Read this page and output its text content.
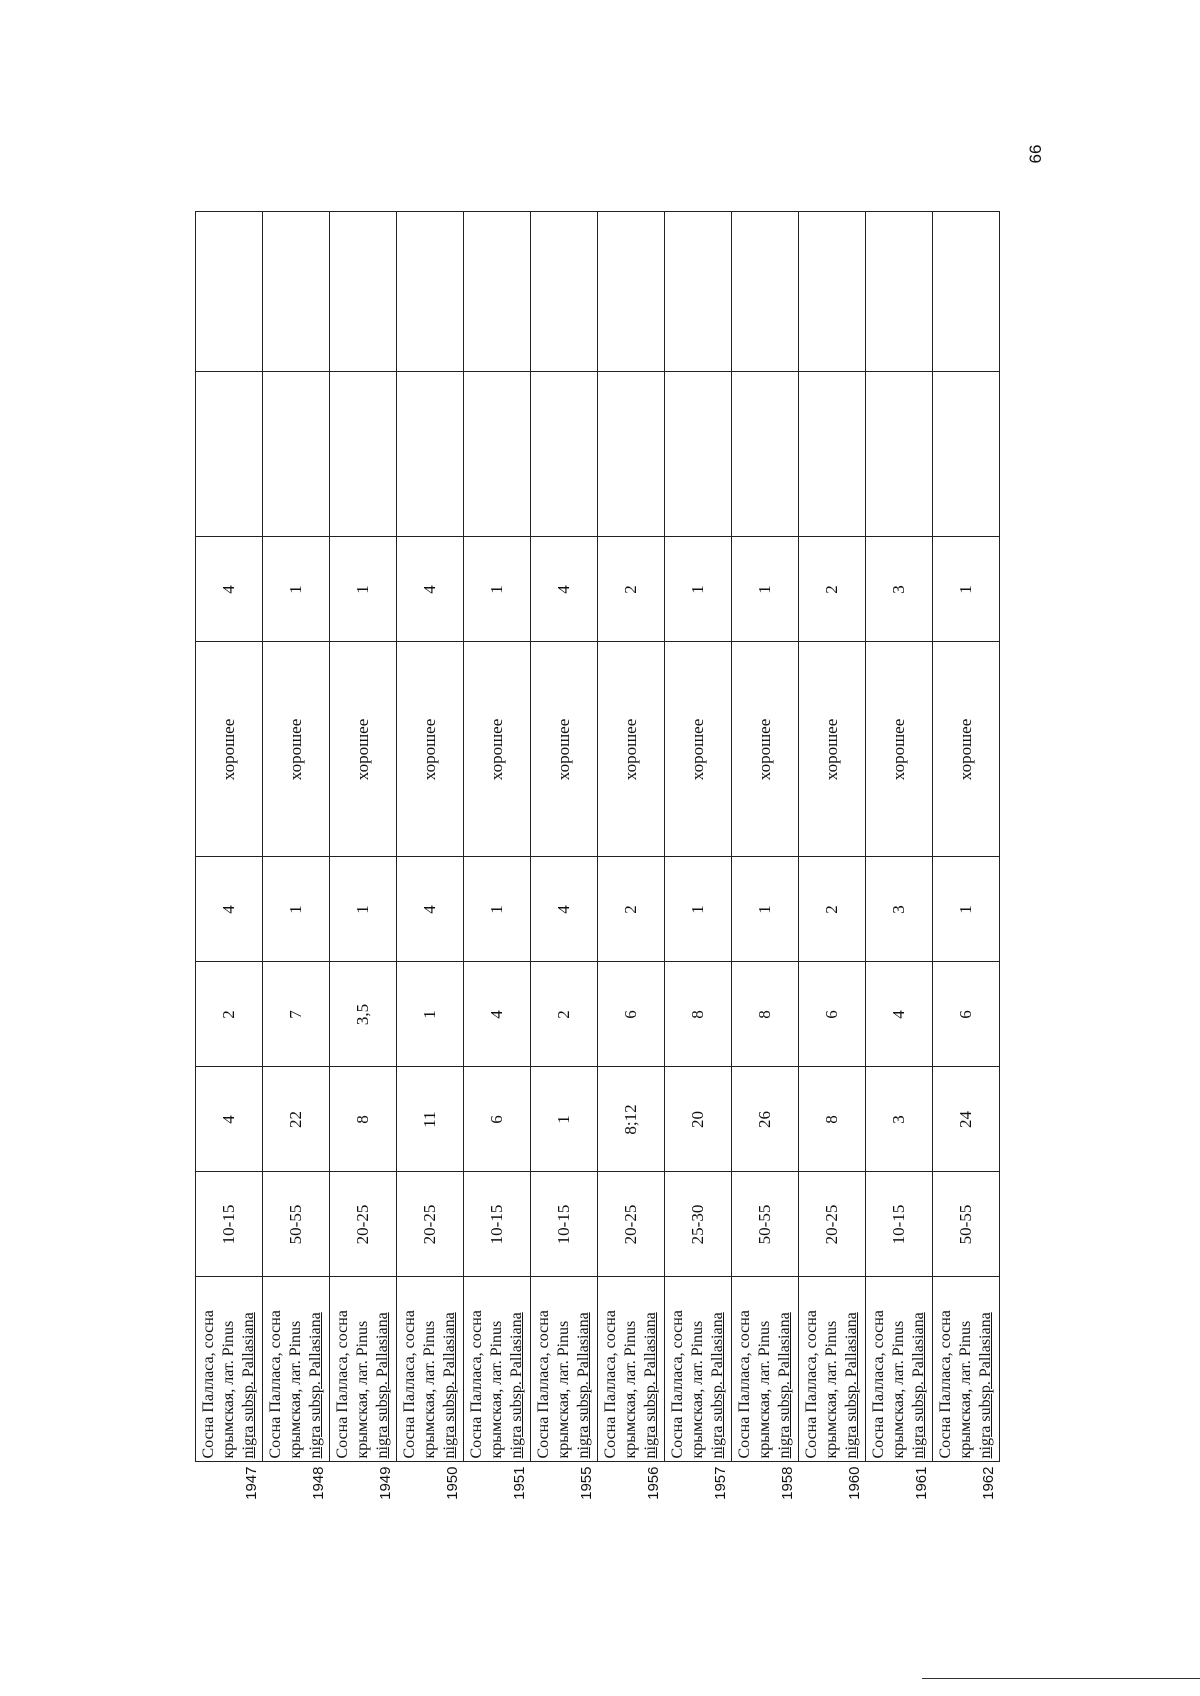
66
1947	Сосна Палласа, сосна крымская, лат. Pinus nigra subsp. Pallasiana	10-15	4	2	4	хорошее	4		
1948	Сосна Палласа, сосна крымская, лат. Pinus nigra subsp. Pallasiana	50-55	22	7	1	хорошее	1		
1949	Сосна Палласа, сосна крымская, лат. Pinus nigra subsp. Pallasiana	20-25	8	3,5	1	хорошее	1		
1950	Сосна Палласа, сосна крымская, лат. Pinus nigra subsp. Pallasiana	20-25	11	1	4	хорошее	4		
1951	Сосна Палласа, сосна крымская, лат. Pinus nigra subsp. Pallasiana	10-15	6	4	1	хорошее	1		
1955	Сосна Палласа, сосна крымская, лат. Pinus nigra subsp. Pallasiana	10-15	1	2	4	хорошее	4		
1956	Сосна Палласа, сосна крымская, лат. Pinus nigra subsp. Pallasiana	20-25	8;12	6	2	хорошее	2		
1957	Сосна Палласа, сосна крымская, лат. Pinus nigra subsp. Pallasiana	25-30	20	8	1	хорошее	1		
1958	Сосна Палласа, сосна крымская, лат. Pinus nigra subsp. Pallasiana	50-55	26	8	1	хорошее	1		
1960	Сосна Палласа, сосна крымская, лат. Pinus nigra subsp. Pallasiana	20-25	8	6	2	хорошее	2		
1961	Сосна Палласа, сосна крымская, лат. Pinus nigra subsp. Pallasiana	10-15	3	4	3	хорошее	3		
1962	Сосна Палласа, сосна крымская, лат. Pinus nigra subsp. Pallasiana	50-55	24	6	1	хорошее	1		
